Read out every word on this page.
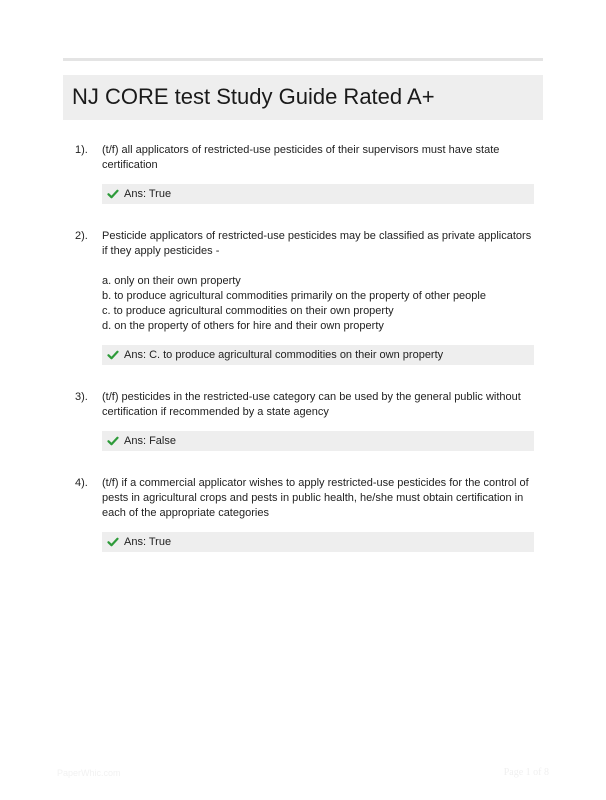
NJ CORE test Study Guide Rated A+
1). (t/f) all applicators of restricted-use pesticides of their supervisors must have state certification

Ans: True
2). Pesticide applicators of restricted-use pesticides may be classified as private applicators if they apply pesticides -

a. only on their own property
b. to produce agricultural commodities primarily on the property of other people
c. to produce agricultural commodities on their own property
d. on the property of others for hire and their own property
Ans: C. to produce agricultural commodities on their own property
3). (t/f) pesticides in the restricted-use category can be used by the general public without certification if recommended by a state agency

Ans: False
4). (t/f) if a commercial applicator wishes to apply restricted-use pesticides for the control of pests in agricultural crops and pests in public health, he/she must obtain certification in each of the appropriate categories

Ans: True
PaperWhic.com	Page 1 of 8
